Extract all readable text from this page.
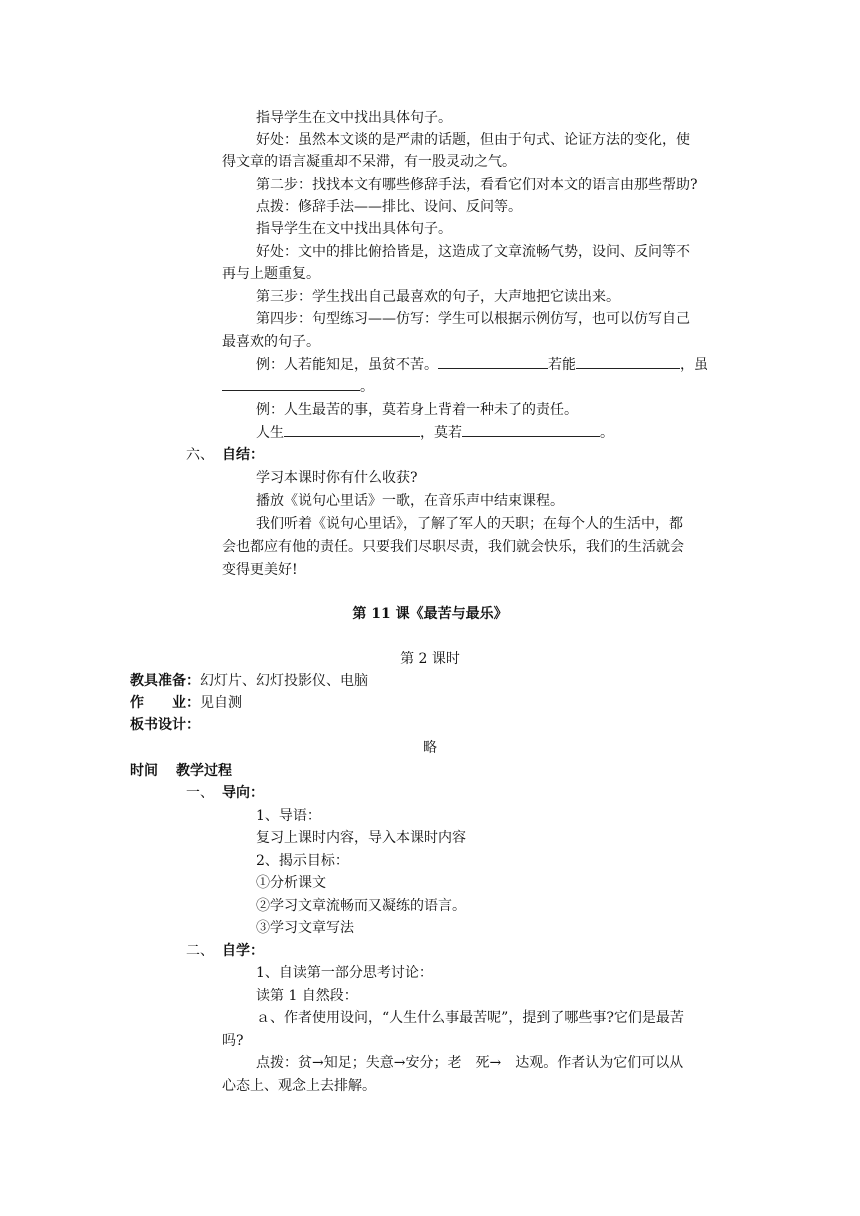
指导学生在文中找出具体句子。
好处：虽然本文谈的是严肃的话题，但由于句式、论证方法的变化，使
得文章的语言凝重却不呆滞，有一股灵动之气。
第二步：找找本文有哪些修辞手法，看看它们对本文的语言由那些帮助?
点拨：修辞手法——排比、设问、反问等。
指导学生在文中找出具体句子。
好处：文中的排比俯拾皆是，这造成了文章流畅气势，设问、反问等不
再与上题重复。
第三步：学生找出自己最喜欢的句子，大声地把它读出来。
第四步：句型练习——仿写：学生可以根据示例仿写，也可以仿写自己
最喜欢的句子。
例：人若能知足，虽贫不苦。	若能	，虽
。
例：人生最苦的事，莫若身上背着一种未了的责任。
人生	，莫若	。
六、 自结：
学习本课时你有什么收获?
播放《说句心里话》一歌，在音乐声中结束课程。
我们听着《说句心里话》，了解了军人的天职；在每个人的生活中，都
会也都应有他的责任。只要我们尽职尽责，我们就会快乐，我们的生活就会
变得更美好!
第 11 课《最苦与最乐》
第 2 课时
教具准备：幻灯片、幻灯投影仪、电脑
作　　业：见自测
板书设计：
略
时间 教学过程
一、 导向：
1、导语：
复习上课时内容，导入本课时内容
2、揭示目标：
①分析课文
②学习文章流畅而又凝练的语言。
③学习文章写法
二、 自学：
1、自读第一部分思考讨论：
读第 1 自然段：
ａ、作者使用设问，“人生什么事最苦呢”，提到了哪些事?它们是最苦
吗?
点拨：贫→知足；失意→安分；老　死→　达观。作者认为它们可以从
心态上、观念上去排解。
